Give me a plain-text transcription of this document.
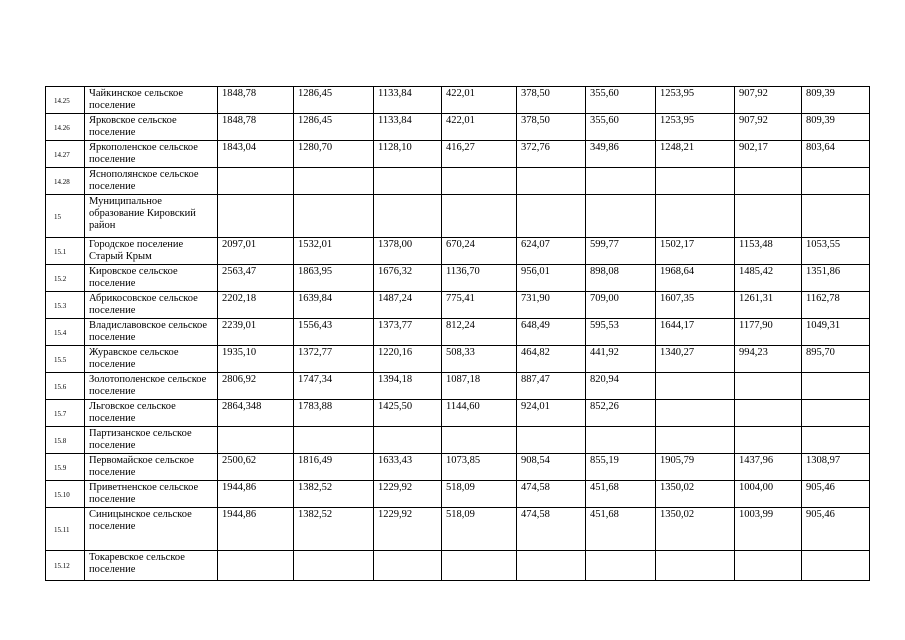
14.25	Чайкинское сельское поселение	1848,78	1286,45	1133,84	422,01	378,50	355,60	1253,95	907,92	809,39
14.26	Ярковское сельское поселение	1848,78	1286,45	1133,84	422,01	378,50	355,60	1253,95	907,92	809,39
14.27	Яркополенское сельское поселение	1843,04	1280,70	1128,10	416,27	372,76	349,86	1248,21	902,17	803,64
14.28	Яснополянское сельское поселение									
15	Муниципальное образование Кировский район									
15.1	Городское поселение Старый Крым	2097,01	1532,01	1378,00	670,24	624,07	599,77	1502,17	1153,48	1053,55
15.2	Кировское сельское поселение	2563,47	1863,95	1676,32	1136,70	956,01	898,08	1968,64	1485,42	1351,86
15.3	Абрикосовское сельское поселение	2202,18	1639,84	1487,24	775,41	731,90	709,00	1607,35	1261,31	1162,78
15.4	Владиславовское сельское поселение	2239,01	1556,43	1373,77	812,24	648,49	595,53	1644,17	1177,90	1049,31
15.5	Журавское сельское поселение	1935,10	1372,77	1220,16	508,33	464,82	441,92	1340,27	994,23	895,70
15.6	Золотополенское сельское поселение	2806,92	1747,34	1394,18	1087,18	887,47	820,94			
15.7	Льговское сельское поселение	2864,348	1783,88	1425,50	1144,60	924,01	852,26			
15.8	Партизанское сельское поселение									
15.9	Первомайское сельское поселение	2500,62	1816,49	1633,43	1073,85	908,54	855,19	1905,79	1437,96	1308,97
15.10	Приветненское сельское поселение	1944,86	1382,52	1229,92	518,09	474,58	451,68	1350,02	1004,00	905,46
15.11	Синицынское сельское поселение	1944,86	1382,52	1229,92	518,09	474,58	451,68	1350,02	1003,99	905,46
15.12	Токаревское сельское поселение									
